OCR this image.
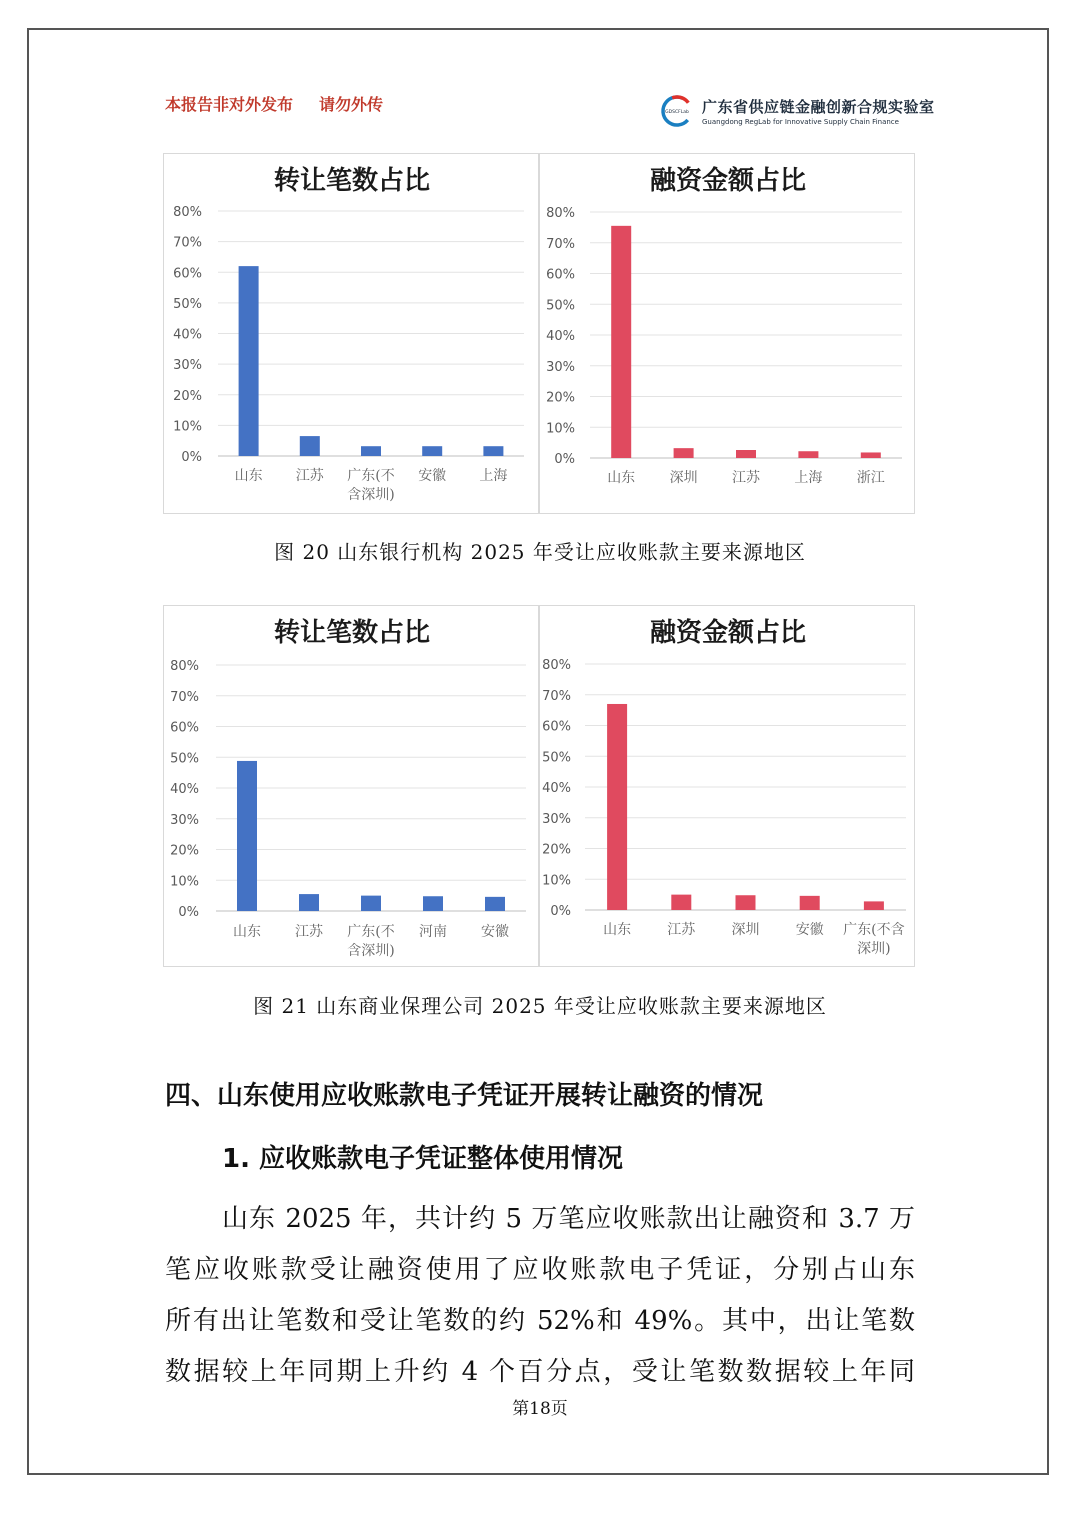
本报告非对外发布 请勿外传	GDSCFLab 广东省供应链金融创新合规实验室
Guangdong RegLab for Innovative Supply Chain Finance
转让笔数占比
0%
10%
20%
30%
40%
50%
60%
70%
80%
山东 江苏 广东(不
含深圳)
安徽 上海
融资金额占比
0%
10%
20%
30%
40%
50%
60%
70%
80%
山东 深圳 江苏 上海 浙江
图 20 山东银行机构 2025 年受让应收账款主要来源地区
转让笔数占比
0%
10%
20%
30%
40%
50%
60%
70%
80%
山东 江苏 广东(不
含深圳)
河南 安徽
融资金额占比
0%
10%
20%
30%
40%
50%
60%
70%
80%
山东	江苏	深圳	安徽 广东(不含
深圳)
图 21 山东商业保理公司 2025 年受让应收账款主要来源地区
四、山东使用应收账款电子凭证开展转让融资的情况
1. 应收账款电子凭证整体使用情况
山东 2025 年，共计约 5 万笔应收账款出让融资和 3.7 万
笔应收账款受让融资使用了应收账款电子凭证，分别占山东
所有出让笔数和受让笔数的约 52%和 49%。其中，出让笔数
数据较上年同期上升约 4 个百分点，受让笔数数据较上年同
第18页
